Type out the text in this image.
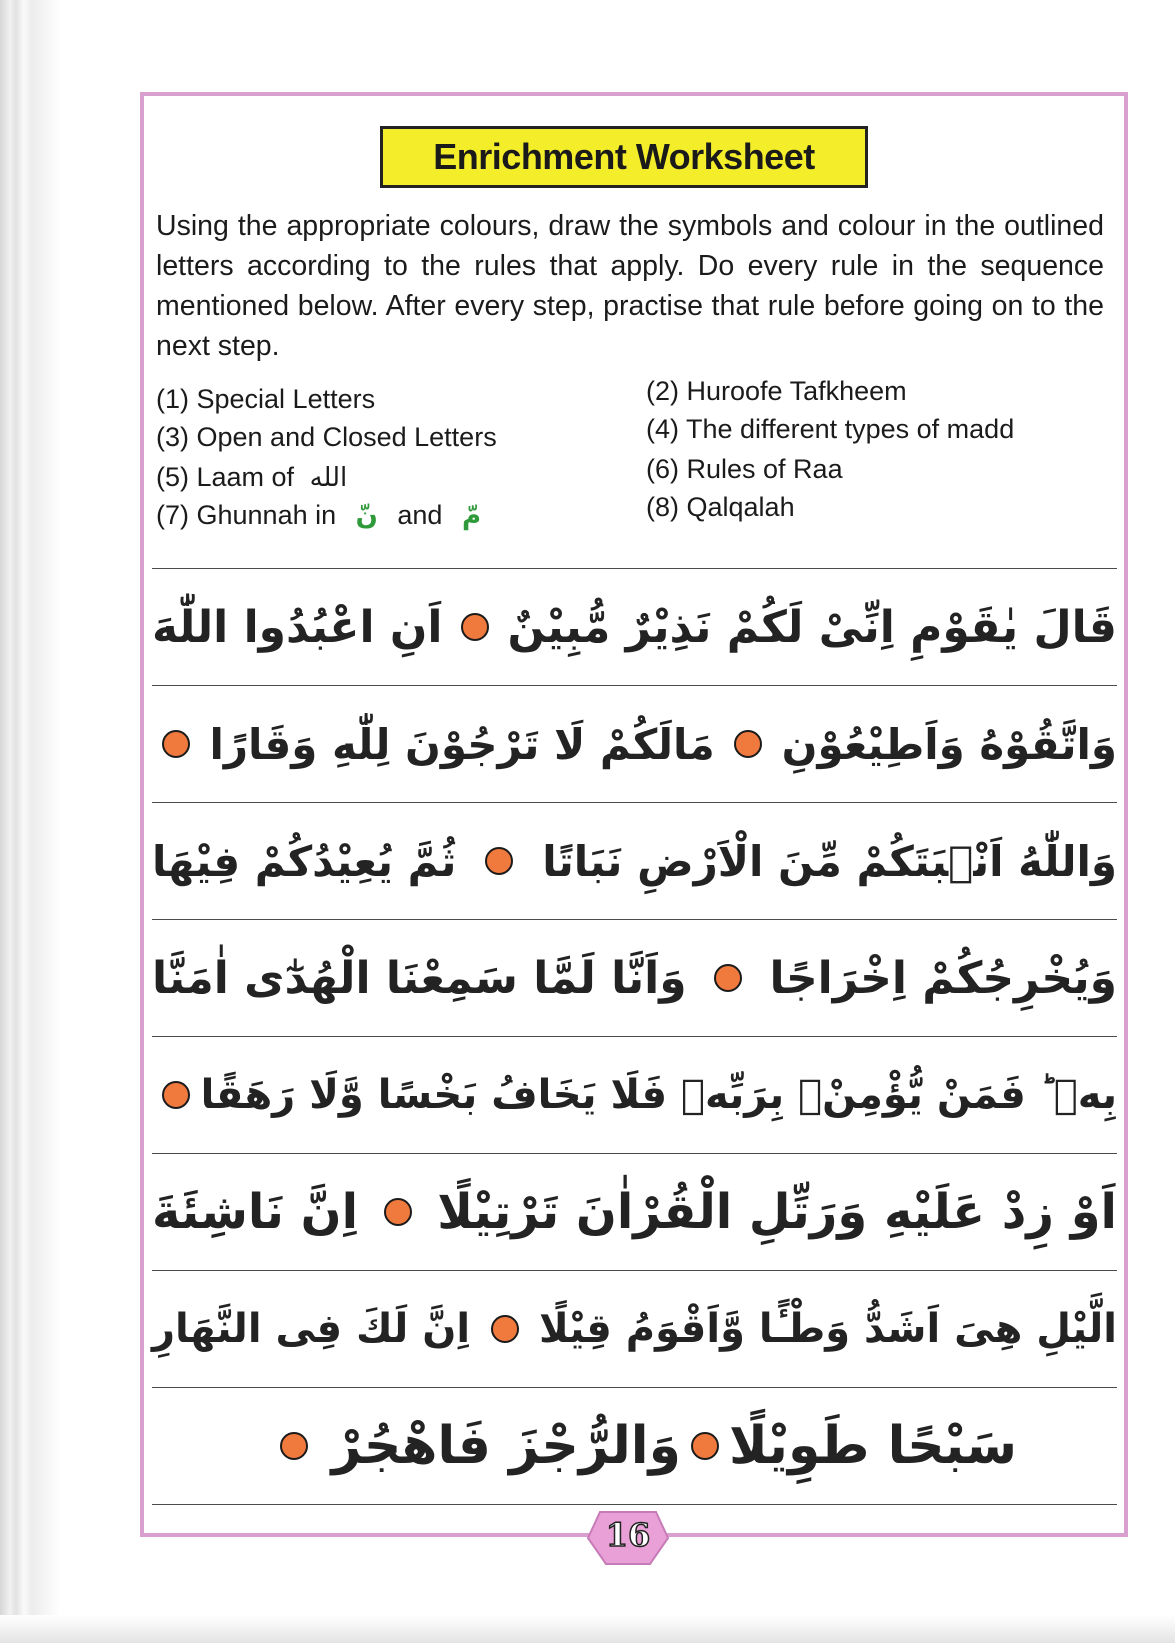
Enrichment Worksheet

Using the appropriate colours, draw the symbols and colour in the outlined letters according to the rules that apply. Do every rule in the sequence mentioned below. After every step, practise that rule before going on to the next step.

(1) Special Letters	(2) Huroofe Tafkheem
(3) Open and Closed Letters	(4) The different types of madd
(5) Laam of الله	(6) Rules of Raa
(7) Ghunnah in نّ and مّ	(8) Qalqalah
قَالَ يٰقَوْمِ اِنِّىْ لَكُمْ نَذِيْرٌ مُّبِيْنٌ
اَنِ اعْبُدُوا اللّٰهَ
وَاتَّقُوْهُ وَاَطِيْعُوْنِ
مَالَكُمْ لَا تَرْجُوْنَ لِلّٰهِ وَقَارًا
وَاللّٰهُ اَنْۢبَتَكُمْ مِّنَ الْاَرْضِ نَبَاتًا
ثُمَّ يُعِيْدُكُمْ فِيْهَا
وَيُخْرِجُكُمْ اِخْرَاجًا
وَاَنَّا لَمَّا سَمِعْنَا الْهُدٰٓى اٰمَنَّا
بِهٖ ؕ فَمَنْ يُّؤْمِنْۢ بِرَبِّهٖ فَلَا يَخَافُ بَخْسًا وَّلَا رَهَقًا
اَوْ زِدْ عَلَيْهِ وَرَتِّلِ الْقُرْاٰنَ تَرْتِيْلًا
اِنَّ نَاشِئَةَ
الَّيْلِ هِىَ اَشَدُّ وَطْـًٔا وَّاَقْوَمُ قِيْلًا
اِنَّ لَكَ فِى النَّهَارِ
سَبْحًا طَوِيْلًا
وَالرُّجْزَ فَاهْجُرْ
16
